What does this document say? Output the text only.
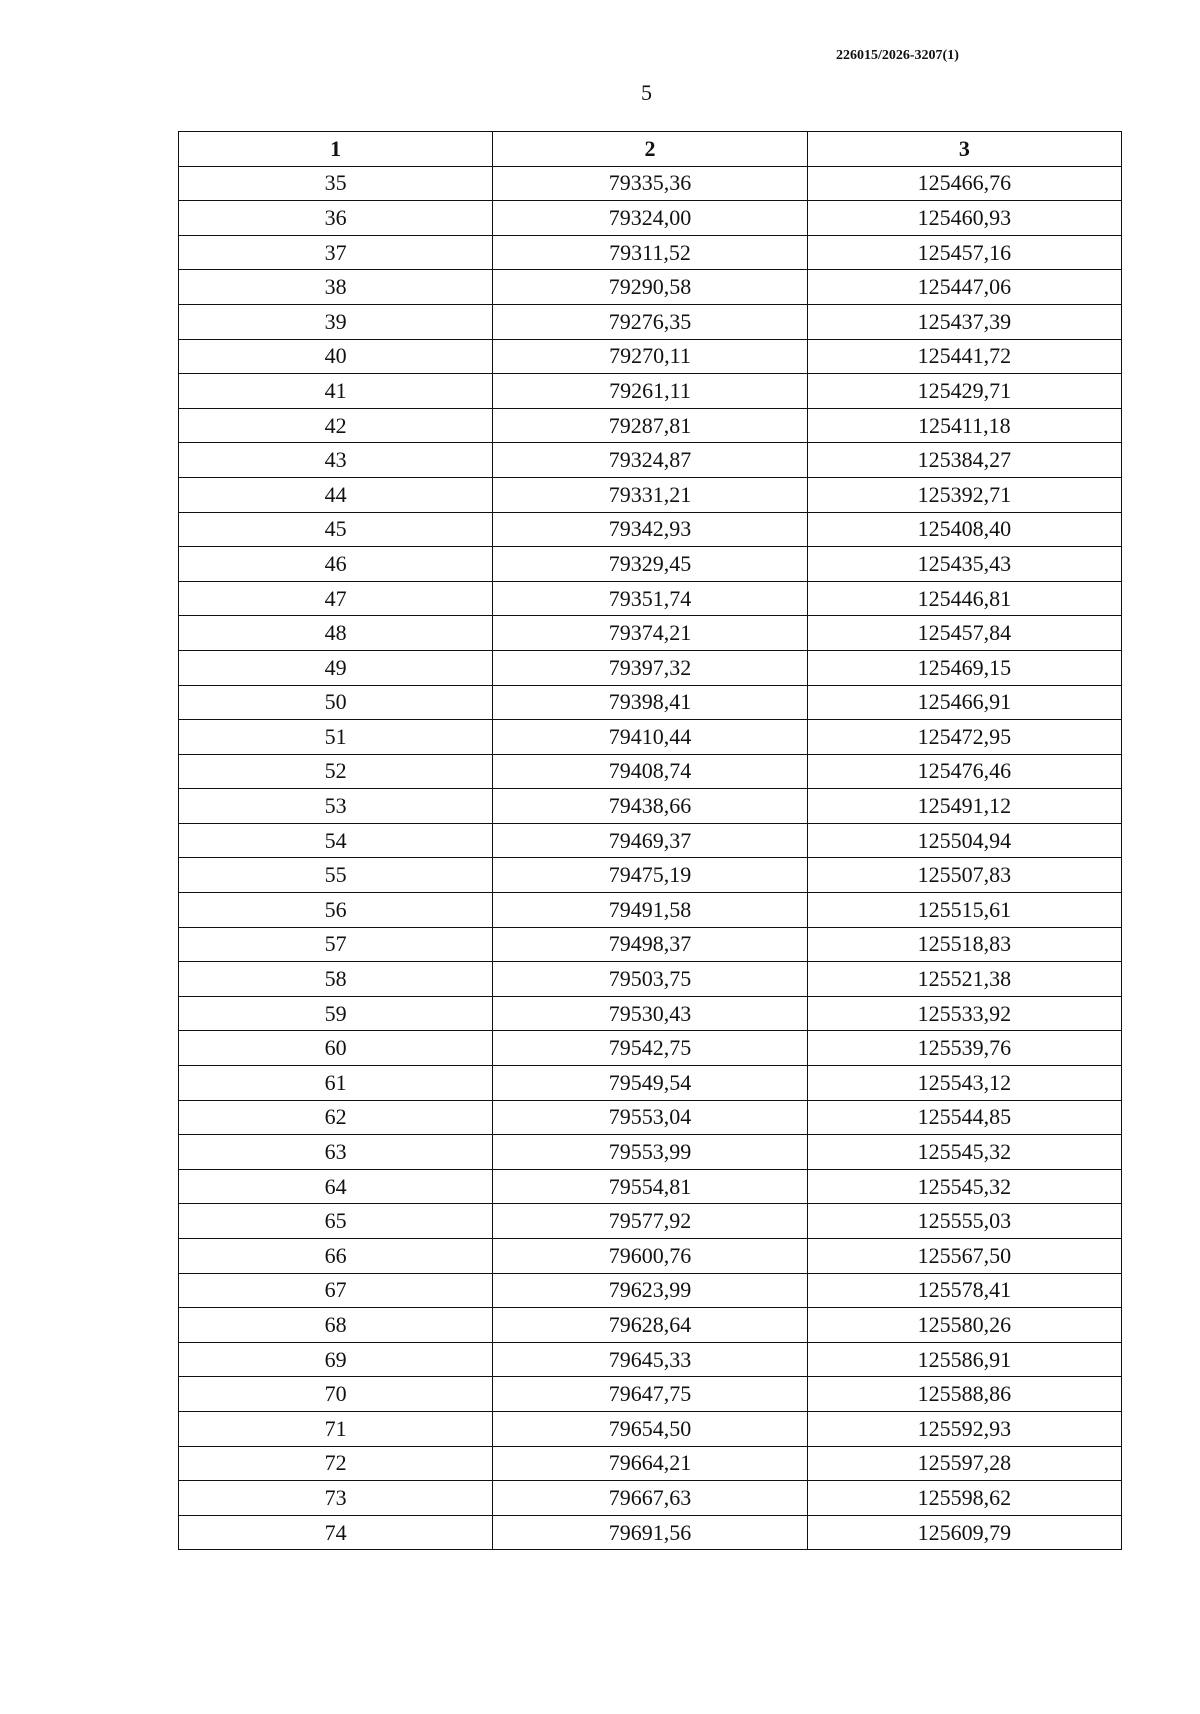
226015/2026-3207(1)
5
1	2	3
35	79335,36	125466,76
36	79324,00	125460,93
37	79311,52	125457,16
38	79290,58	125447,06
39	79276,35	125437,39
40	79270,11	125441,72
41	79261,11	125429,71
42	79287,81	125411,18
43	79324,87	125384,27
44	79331,21	125392,71
45	79342,93	125408,40
46	79329,45	125435,43
47	79351,74	125446,81
48	79374,21	125457,84
49	79397,32	125469,15
50	79398,41	125466,91
51	79410,44	125472,95
52	79408,74	125476,46
53	79438,66	125491,12
54	79469,37	125504,94
55	79475,19	125507,83
56	79491,58	125515,61
57	79498,37	125518,83
58	79503,75	125521,38
59	79530,43	125533,92
60	79542,75	125539,76
61	79549,54	125543,12
62	79553,04	125544,85
63	79553,99	125545,32
64	79554,81	125545,32
65	79577,92	125555,03
66	79600,76	125567,50
67	79623,99	125578,41
68	79628,64	125580,26
69	79645,33	125586,91
70	79647,75	125588,86
71	79654,50	125592,93
72	79664,21	125597,28
73	79667,63	125598,62
74	79691,56	125609,79
